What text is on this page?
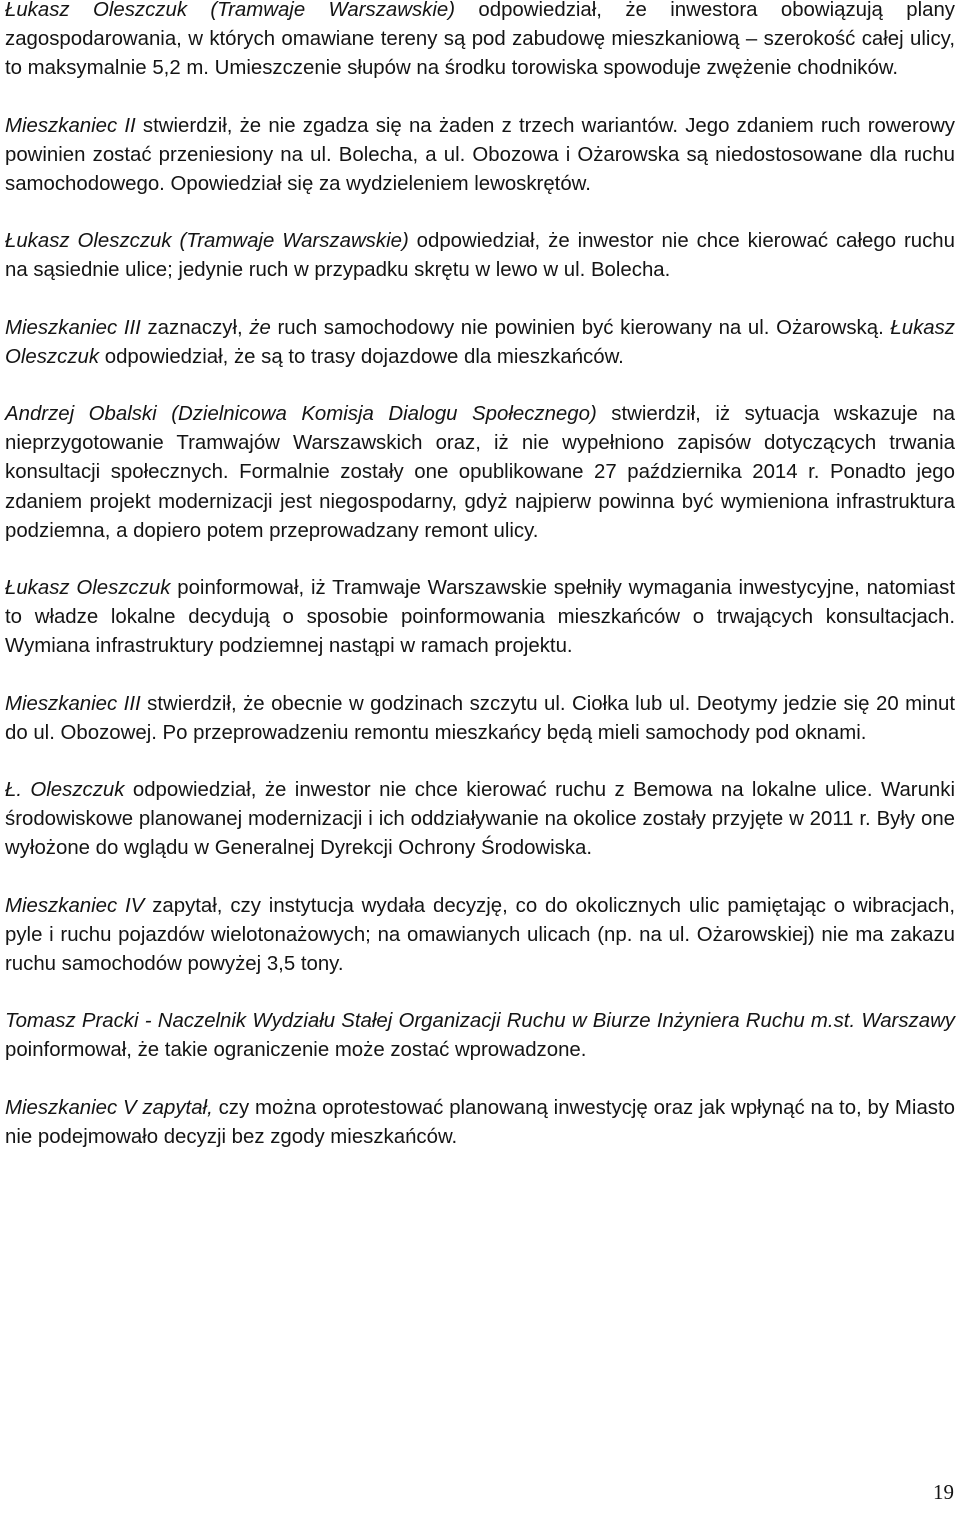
Łukasz Oleszczuk (Tramwaje Warszawskie) odpowiedział, że inwestora obowiązują plany zagospodarowania, w których omawiane tereny są pod zabudowę mieszkaniową – szerokość całej ulicy, to maksymalnie 5,2 m. Umieszczenie słupów na środku torowiska spowoduje zwężenie chodników.

Mieszkaniec II stwierdził, że nie zgadza się na żaden z trzech wariantów. Jego zdaniem ruch rowerowy powinien zostać przeniesiony na ul. Bolecha, a ul. Obozowa i Ożarowska są niedostosowane dla ruchu samochodowego. Opowiedział się za wydzieleniem lewoskrętów.

Łukasz Oleszczuk (Tramwaje Warszawskie) odpowiedział, że inwestor nie chce kierować całego ruchu na sąsiednie ulice; jedynie ruch w przypadku skrętu w lewo w ul. Bolecha.

Mieszkaniec III zaznaczył, że ruch samochodowy nie powinien być kierowany na ul. Ożarowską. Łukasz Oleszczuk odpowiedział, że są to trasy dojazdowe dla mieszkańców.

Andrzej Obalski (Dzielnicowa Komisja Dialogu Społecznego) stwierdził, iż sytuacja wskazuje na nieprzygotowanie Tramwajów Warszawskich oraz, iż nie wypełniono zapisów dotyczących trwania konsultacji społecznych. Formalnie zostały one opublikowane 27 października 2014 r. Ponadto jego zdaniem projekt modernizacji jest niegospodarny, gdyż najpierw powinna być wymieniona infrastruktura podziemna, a dopiero potem przeprowadzany remont ulicy.

Łukasz Oleszczuk poinformował, iż Tramwaje Warszawskie spełniły wymagania inwestycyjne, natomiast to władze lokalne decydują o sposobie poinformowania mieszkańców o trwających konsultacjach. Wymiana infrastruktury podziemnej nastąpi w ramach projektu.

Mieszkaniec III stwierdził, że obecnie w godzinach szczytu ul. Ciołka lub ul. Deotymy jedzie się 20 minut do ul. Obozowej. Po przeprowadzeniu remontu mieszkańcy będą mieli samochody pod oknami.

Ł. Oleszczuk odpowiedział, że inwestor nie chce kierować ruchu z Bemowa na lokalne ulice. Warunki środowiskowe planowanej modernizacji i ich oddziaływanie na okolice zostały przyjęte w 2011 r. Były one wyłożone do wglądu w Generalnej Dyrekcji Ochrony Środowiska.

Mieszkaniec IV zapytał, czy instytucja wydała decyzję, co do okolicznych ulic pamiętając o wibracjach, pyle i ruchu pojazdów wielotonażowych; na omawianych ulicach (np. na ul. Ożarowskiej) nie ma zakazu ruchu samochodów powyżej 3,5 tony.

Tomasz Pracki - Naczelnik Wydziału Stałej Organizacji Ruchu w Biurze Inżyniera Ruchu m.st. Warszawy poinformował, że takie ograniczenie może zostać wprowadzone.

Mieszkaniec V zapytał, czy można oprotestować planowaną inwestycję oraz jak wpłynąć na to, by Miasto nie podejmowało decyzji bez zgody mieszkańców.

19
